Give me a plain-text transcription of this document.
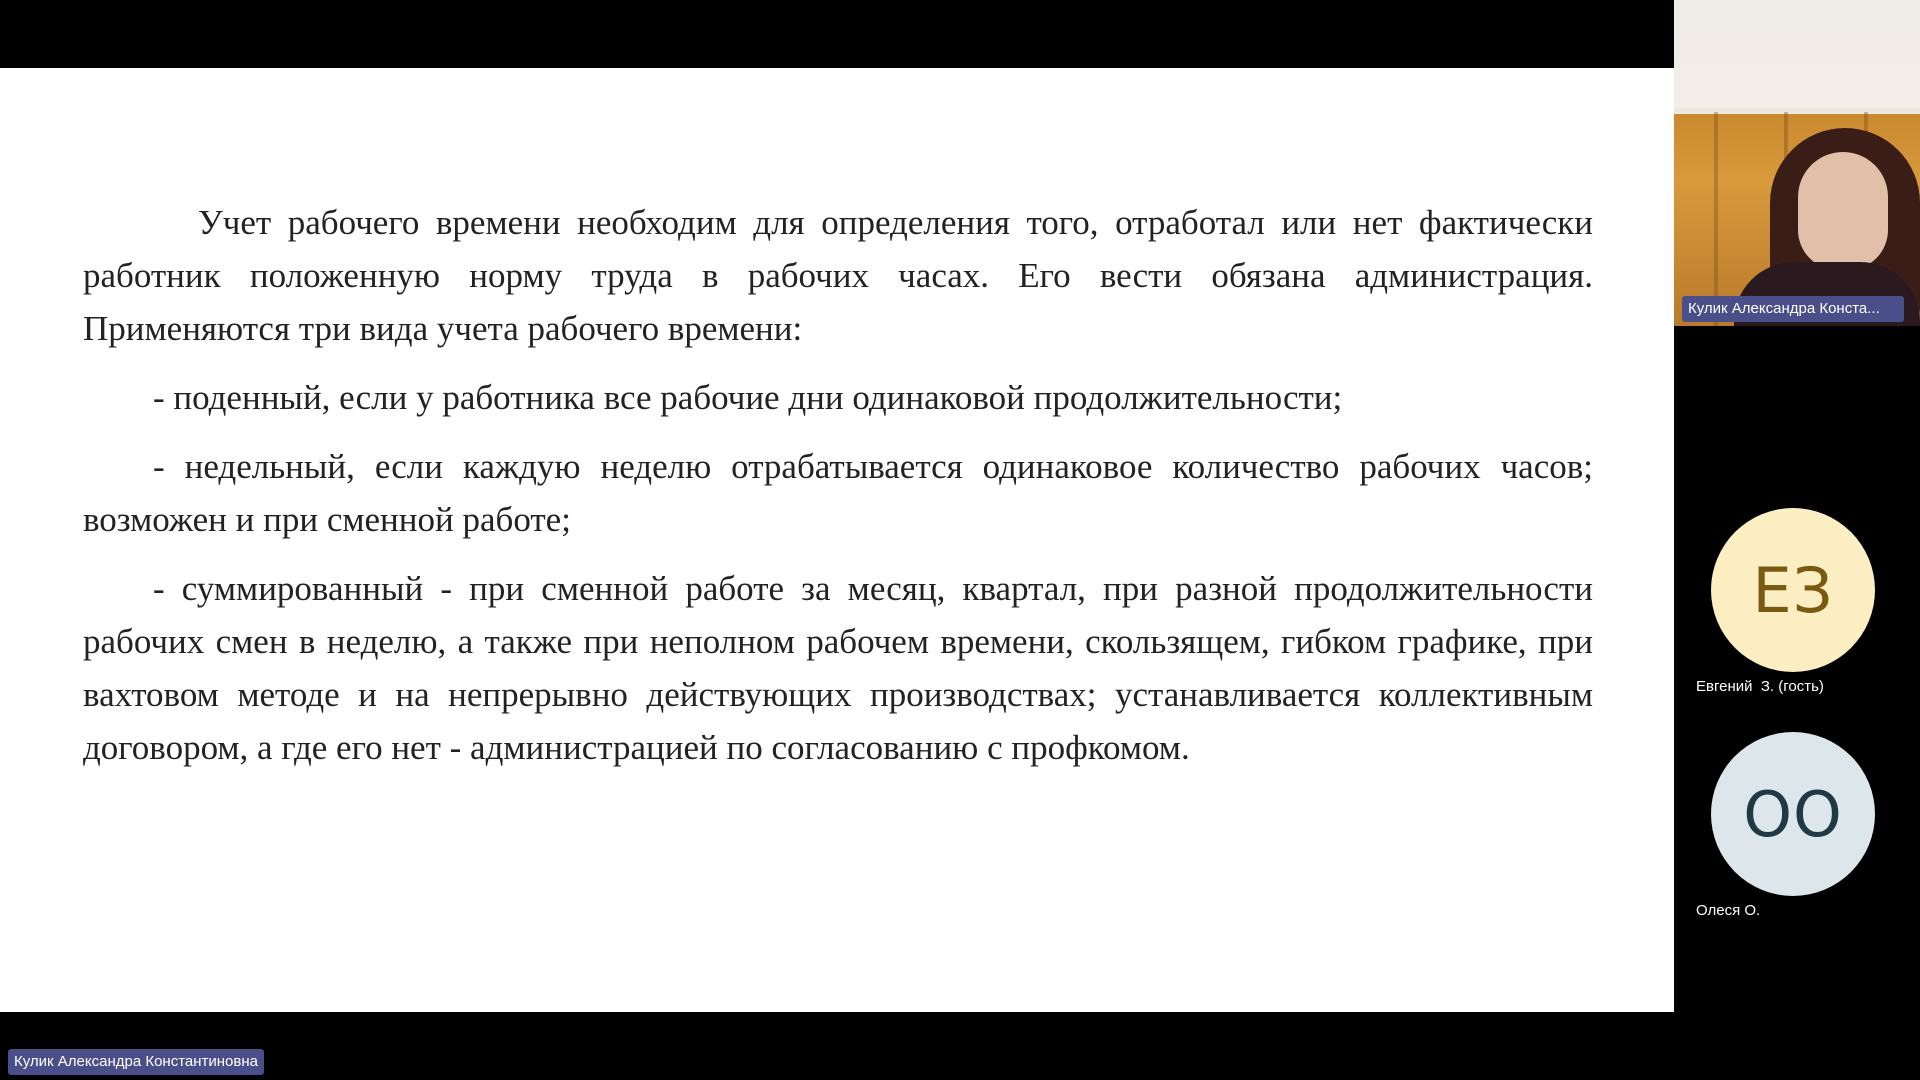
Учет рабочего времени необходим для определения того, отработал или нет фактически работник положенную норму труда в рабочих часах. Его вести обязана администрация. Применяются три вида учета рабочего времени:

- поденный, если у работника все рабочие дни одинаковой продолжительности;

- недельный, если каждую неделю отрабатывается одинаковое количество рабочих часов; возможен и при сменной работе;

- суммированный - при сменной работе за месяц, квартал, при разной продолжительности рабочих смен в неделю, а также при неполном рабочем времени, скользящем, гибком графике, при вахтовом методе и на непрерывно действующих производствах; устанавливается коллективным договором, а где его нет - администрацией по согласованию с профкомом.

Кулик Александра Константиновна
Кулик Александра Конста...
ЕЗ
Евгений  З. (гость)
ОО
Олеся О.
